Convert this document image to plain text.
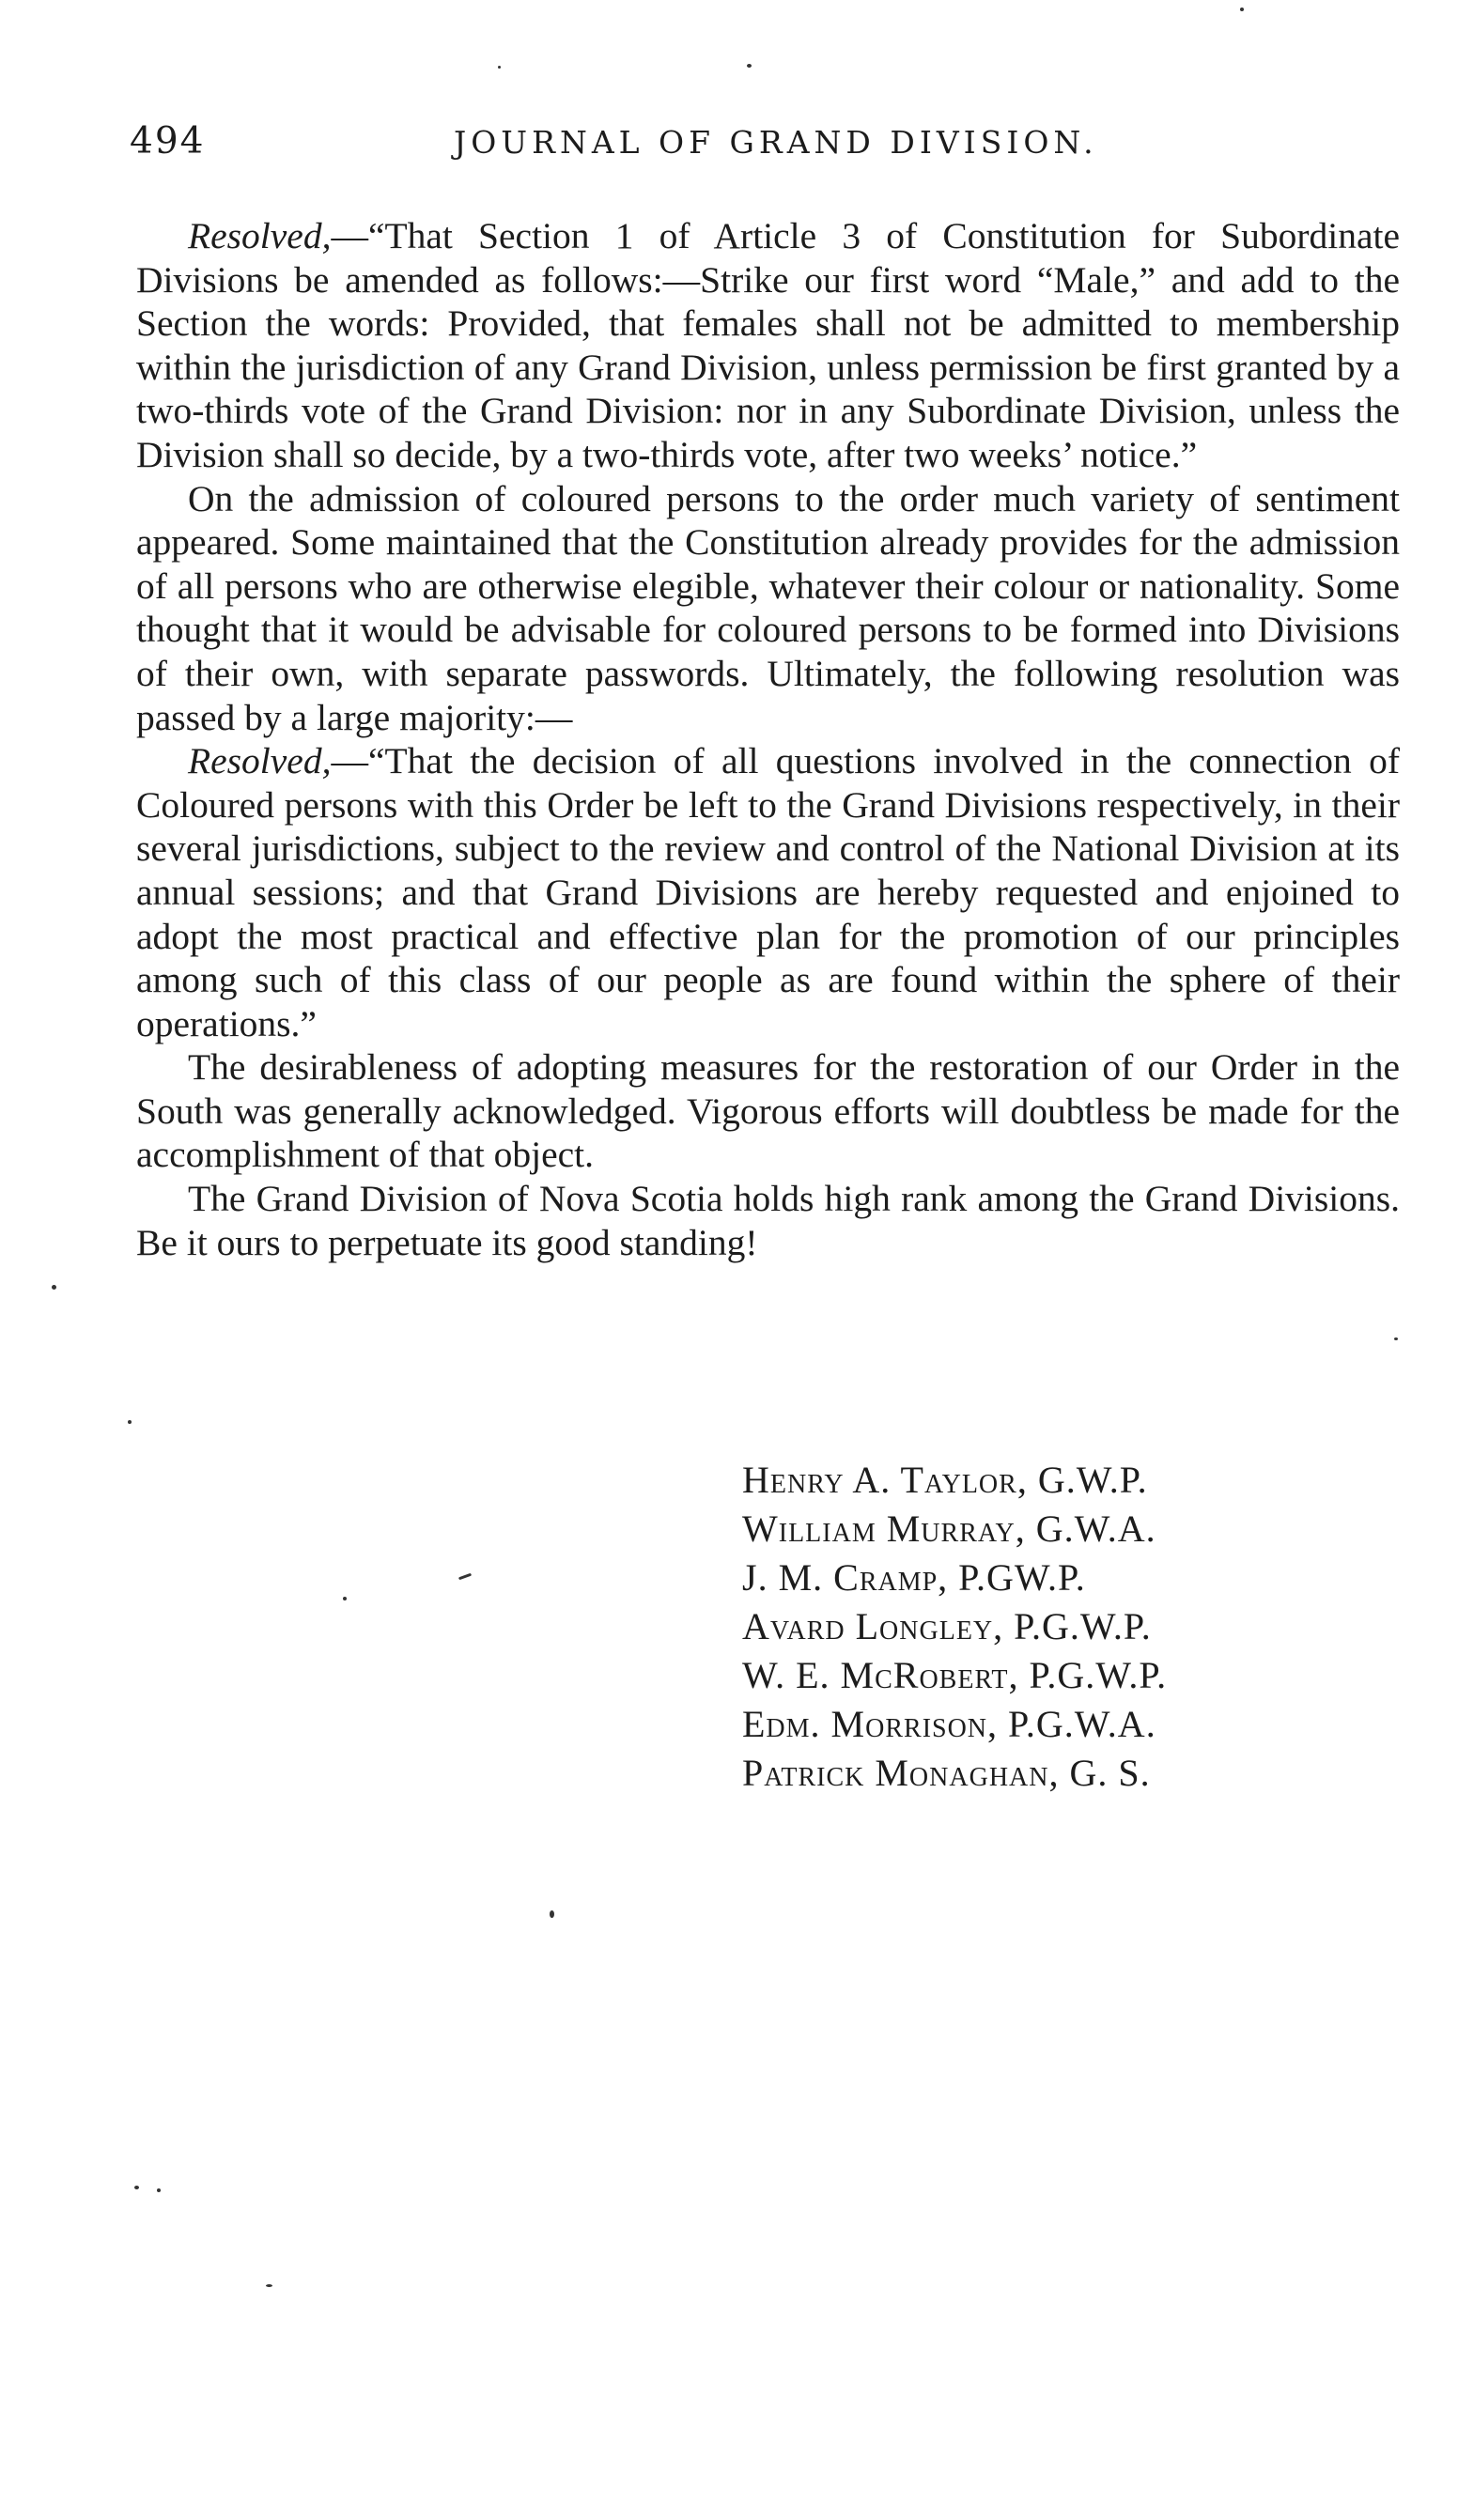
494	JOURNAL OF GRAND DIVISION.

Resolved,—“That Section 1 of Article 3 of Constitution for Subordinate Divisions be amended as follows:—Strike our first word “Male,” and add to the Section the words: Provided, that females shall not be admitted to membership within the jurisdiction of any Grand Division, unless permission be first granted by a two-thirds vote of the Grand Division: nor in any Subordinate Division, unless the Division shall so decide, by a two-thirds vote, after two weeks’ notice.”

On the admission of coloured persons to the order much variety of sentiment appeared. Some maintained that the Constitution already provides for the admission of all persons who are otherwise elegible, whatever their colour or nationality. Some thought that it would be advisable for coloured persons to be formed into Divisions of their own, with separate passwords. Ultimately, the following resolution was passed by a large majority:—

Resolved,—“That the decision of all questions involved in the connection of Coloured persons with this Order be left to the Grand Divisions respectively, in their several jurisdictions, subject to the review and control of the National Division at its annual sessions; and that Grand Divisions are hereby requested and enjoined to adopt the most practical and effective plan for the promotion of our principles among such of this class of our people as are found within the sphere of their operations.”

The desirableness of adopting measures for the restoration of our Order in the South was generally acknowledged. Vigorous efforts will doubtless be made for the accomplishment of that object.

The Grand Division of Nova Scotia holds high rank among the Grand Divisions. Be it ours to perpetuate its good standing!

Henry A. Taylor, G.W.P.
William Murray, G.W.A.
J. M. Cramp, P.GW.P.
Avard Longley, P.G.W.P.
W. E. McRobert, P.G.W.P.
Edm. Morrison, P.G.W.A.
Patrick Monaghan, G. S.
